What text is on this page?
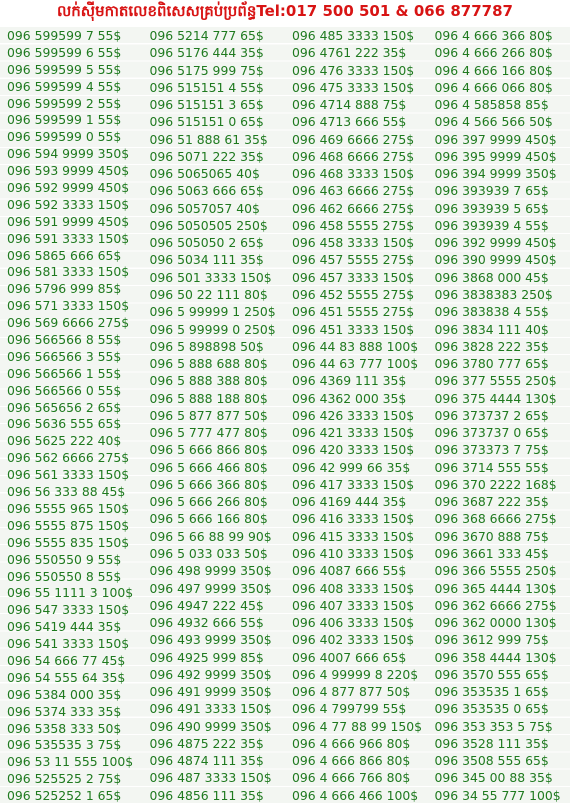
លក់ស៊ីមកាតលេខពិសេសគ្រប់ប្រព័ន្ធTel:017 500 501 & 066 877787
096 599599 7 55$
096 599599 6 55$
096 599599 5 55$
096 599599 4 55$
096 599599 2 55$
096 599599 1 55$
096 599599 0 55$
096 594 9999 350$
096 593 9999 450$
096 592 9999 450$
096 592 3333 150$
096 591 9999 450$
096 591 3333 150$
096 5865 666 65$
096 581 3333 150$
096 5796 999 85$
096 571 3333 150$
096 569 6666 275$
096 566566 8 55$
096 566566 3 55$
096 566566 1 55$
096 566566 0 55$
096 565656 2 65$
096 5636 555 65$
096 5625 222 40$
096 562 6666 275$
096 561 3333 150$
096 56 333 88 45$
096 5555 965 150$
096 5555 875 150$
096 5555 835 150$
096 550550 9 55$
096 550550 8 55$
096 55 1111 3 100$
096 547 3333 150$
096 5419 444 35$
096 541 3333 150$
096 54 666 77 45$
096 54 555 64 35$
096 5384 000 35$
096 5374 333 35$
096 5358 333 50$
096 535535 3 75$
096 53 11 555 100$
096 525525 2 75$
096 525252 1 65$
096 5214 777 65$
096 5176 444 35$
096 5175 999 75$
096 515151 4 55$
096 515151 3 65$
096 515151 0 65$
096 51 888 61 35$
096 5071 222 35$
096 5065065 40$
096 5063 666 65$
096 5057057 40$
096 5050505 250$
096 505050 2 65$
096 5034 111 35$
096 501 3333 150$
096 50 22 111 80$
096 5 99999 1 250$
096 5 99999 0 250$
096 5 898898 50$
096 5 888 688 80$
096 5 888 388 80$
096 5 888 188 80$
096 5 877 877 50$
096 5 777 477 80$
096 5 666 866 80$
096 5 666 466 80$
096 5 666 366 80$
096 5 666 266 80$
096 5 666 166 80$
096 5 66 88 99 90$
096 5 033 033 50$
096 498 9999 350$
096 497 9999 350$
096 4947 222 45$
096 4932 666 55$
096 493 9999 350$
096 4925 999 85$
096 492 9999 350$
096 491 9999 350$
096 491 3333 150$
096 490 9999 350$
096 4875 222 35$
096 4874 111 35$
096 487 3333 150$
096 4856 111 35$
096 485 3333 150$
096 4761 222 35$
096 476 3333 150$
096 475 3333 150$
096 4714 888 75$
096 4713 666 55$
096 469 6666 275$
096 468 6666 275$
096 468 3333 150$
096 463 6666 275$
096 462 6666 275$
096 458 5555 275$
096 458 3333 150$
096 457 5555 275$
096 457 3333 150$
096 452 5555 275$
096 451 5555 275$
096 451 3333 150$
096 44 83 888 100$
096 44 63 777 100$
096 4369 111 35$
096 4362 000 35$
096 426 3333 150$
096 421 3333 150$
096 420 3333 150$
096 42 999 66 35$
096 417 3333 150$
096 4169 444 35$
096 416 3333 150$
096 415 3333 150$
096 410 3333 150$
096 4087 666 55$
096 408 3333 150$
096 407 3333 150$
096 406 3333 150$
096 402 3333 150$
096 4007 666 65$
096 4 99999 8 220$
096 4 877 877 50$
096 4 799799 55$
096 4 77 88 99 150$
096 4 666 966 80$
096 4 666 866 80$
096 4 666 766 80$
096 4 666 466 100$
096 4 666 366 80$
096 4 666 266 80$
096 4 666 166 80$
096 4 666 066 80$
096 4 585858 85$
096 4 566 566 50$
096 397 9999 450$
096 395 9999 450$
096 394 9999 350$
096 393939 7 65$
096 393939 5 65$
096 393939 4 55$
096 392 9999 450$
096 390 9999 450$
096 3868 000 45$
096 3838383 250$
096 383838 4 55$
096 3834 111 40$
096 3828 222 35$
096 3780 777 65$
096 377 5555 250$
096 375 4444 130$
096 373737 2 65$
096 373737 0 65$
096 373373 7 75$
096 3714 555 55$
096 370 2222 168$
096 3687 222 35$
096 368 6666 275$
096 3670 888 75$
096 3661 333 45$
096 366 5555 250$
096 365 4444 130$
096 362 6666 275$
096 362 0000 130$
096 3612 999 75$
096 358 4444 130$
096 3570 555 65$
096 353535 1 65$
096 353535 0 65$
096 353 353 5 75$
096 3528 111 35$
096 3508 555 65$
096 345 00 88 35$
096 34 55 777 100$
